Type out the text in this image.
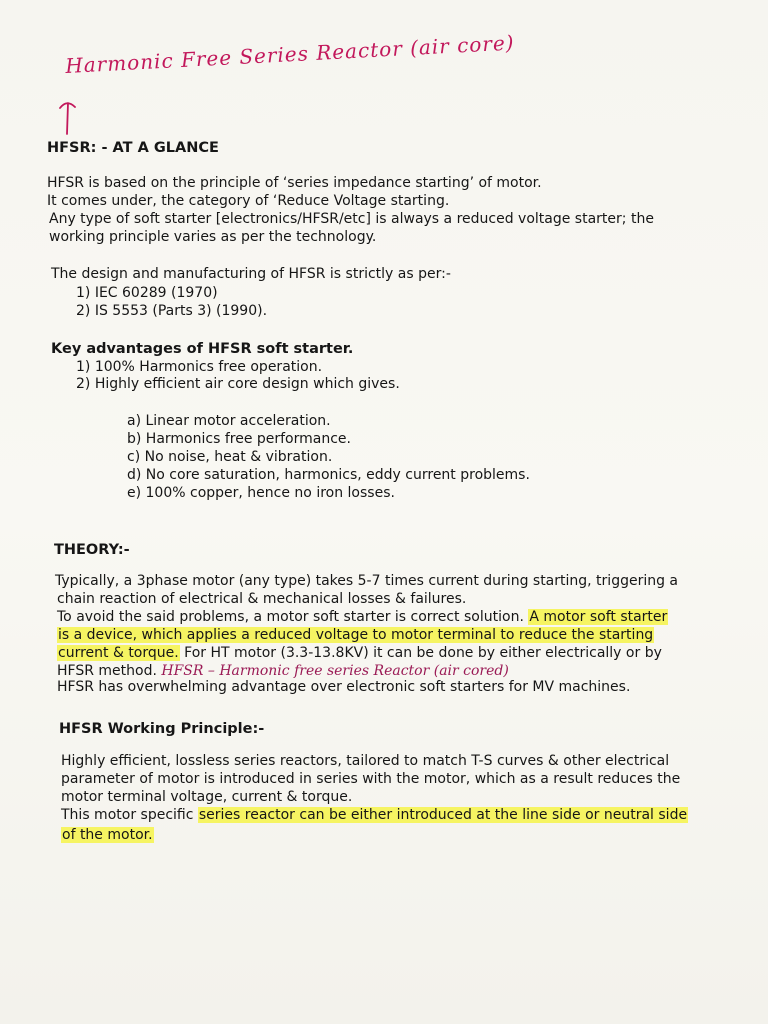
Harmonic Free Series Reactor (air core)
HFSR: - AT A GLANCE
HFSR is based on the principle of ‘series impedance starting’ of motor.
It comes under, the category of ‘Reduce Voltage starting.
Any type of soft starter [electronics/HFSR/etc] is always a reduced voltage starter; the
working principle varies as per the technology.
The design and manufacturing of HFSR is strictly as per:-
1) IEC 60289 (1970)
2) IS 5553 (Parts 3) (1990).
Key advantages of HFSR soft starter.
1) 100% Harmonics free operation.
2) Highly efficient air core design which gives.
a) Linear motor acceleration.
b) Harmonics free performance.
c) No noise, heat & vibration.
d) No core saturation, harmonics, eddy current problems.
e) 100% copper, hence no iron losses.
THEORY:-
Typically, a 3phase motor (any type) takes 5-7 times current during starting, triggering a
chain reaction of electrical & mechanical losses & failures.
To avoid the said problems, a motor soft starter is correct solution. A motor soft starter
is a device, which applies a reduced voltage to motor terminal to reduce the starting
current & torque. For HT motor (3.3-13.8KV) it can be done by either electrically or by
HFSR method. HFSR – Harmonic free series Reactor (air cored)
HFSR has overwhelming advantage over electronic soft starters for MV machines.
HFSR Working Principle:-
Highly efficient, lossless series reactors, tailored to match T-S curves & other electrical
parameter of motor is introduced in series with the motor, which as a result reduces the
motor terminal voltage, current & torque.
This motor specific series reactor can be either introduced at the line side or neutral side
of the motor.
